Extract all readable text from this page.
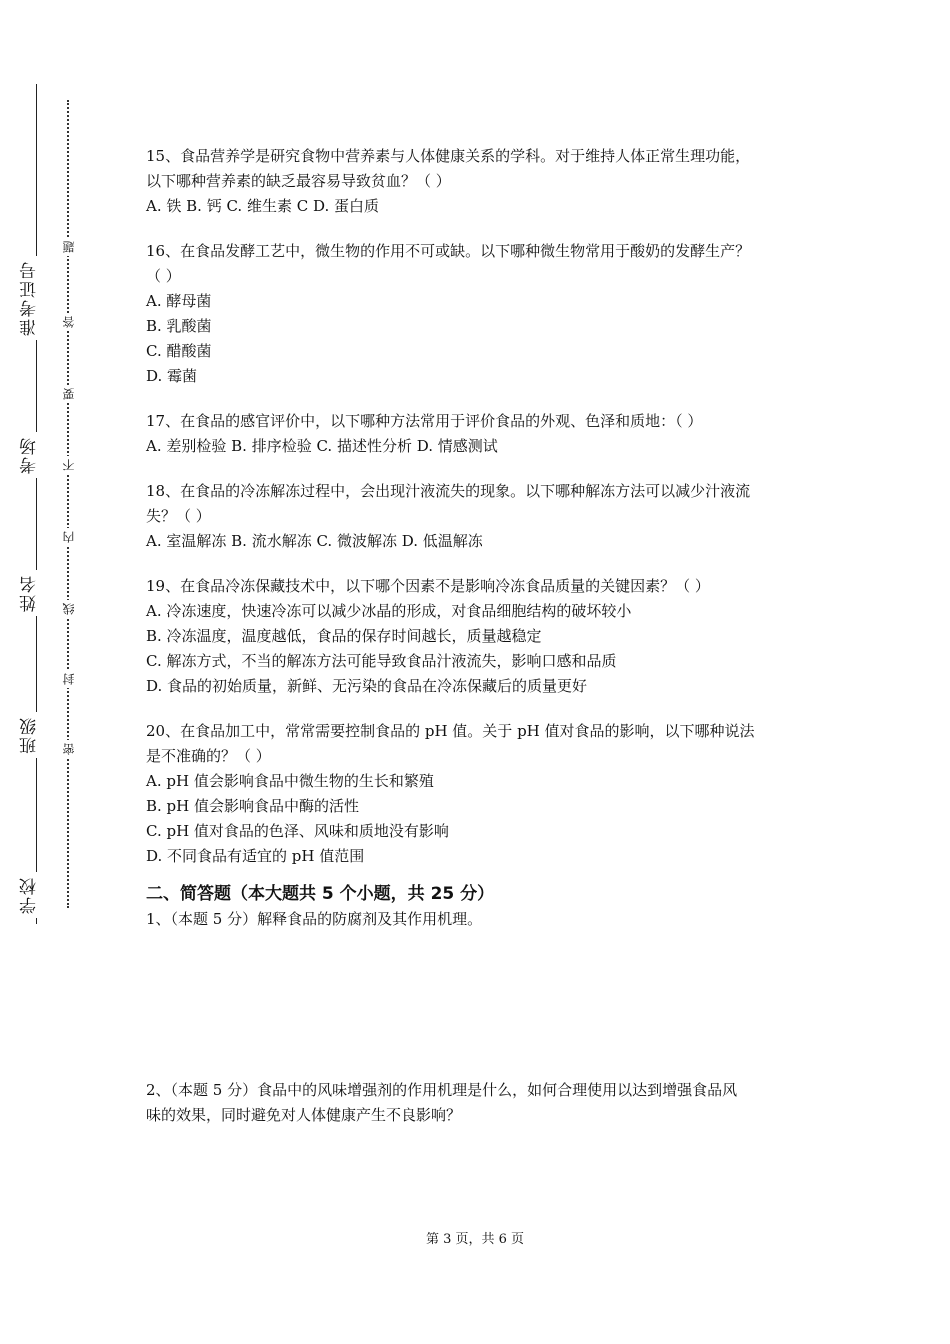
学校
班级
姓名
考场
准考证号
题
答
要
不
内
线
封
密

15、食品营养学是研究食物中营养素与人体健康关系的学科。对于维持人体正常生理功能，

以下哪种营养素的缺乏最容易导致贫血？（ ）

A. 铁 B. 钙 C. 维生素 C D. 蛋白质

16、在食品发酵工艺中，微生物的作用不可或缺。以下哪种微生物常用于酸奶的发酵生产？

（ ）

A. 酵母菌

B. 乳酸菌

C. 醋酸菌

D. 霉菌

17、在食品的感官评价中，以下哪种方法常用于评价食品的外观、色泽和质地：（ ）

A. 差别检验 B. 排序检验 C. 描述性分析 D. 情感测试

18、在食品的冷冻解冻过程中，会出现汁液流失的现象。以下哪种解冻方法可以减少汁液流

失？（ ）

A. 室温解冻 B. 流水解冻 C. 微波解冻 D. 低温解冻

19、在食品冷冻保藏技术中，以下哪个因素不是影响冷冻食品质量的关键因素？（ ）

A. 冷冻速度，快速冷冻可以减少冰晶的形成，对食品细胞结构的破坏较小

B. 冷冻温度，温度越低，食品的保存时间越长，质量越稳定

C. 解冻方式，不当的解冻方法可能导致食品汁液流失，影响口感和品质

D. 食品的初始质量，新鲜、无污染的食品在冷冻保藏后的质量更好

20、在食品加工中，常常需要控制食品的 pH 值。关于 pH 值对食品的影响，以下哪种说法

是不准确的？（ ）

A. pH 值会影响食品中微生物的生长和繁殖

B. pH 值会影响食品中酶的活性

C. pH 值对食品的色泽、风味和质地没有影响

D. 不同食品有适宜的 pH 值范围

二、简答题（本大题共 5 个小题，共 25 分）

1、（本题 5 分）解释食品的防腐剂及其作用机理。

2、（本题 5 分）食品中的风味增强剂的作用机理是什么，如何合理使用以达到增强食品风

味的效果，同时避免对人体健康产生不良影响？

第 3 页，共 6 页
